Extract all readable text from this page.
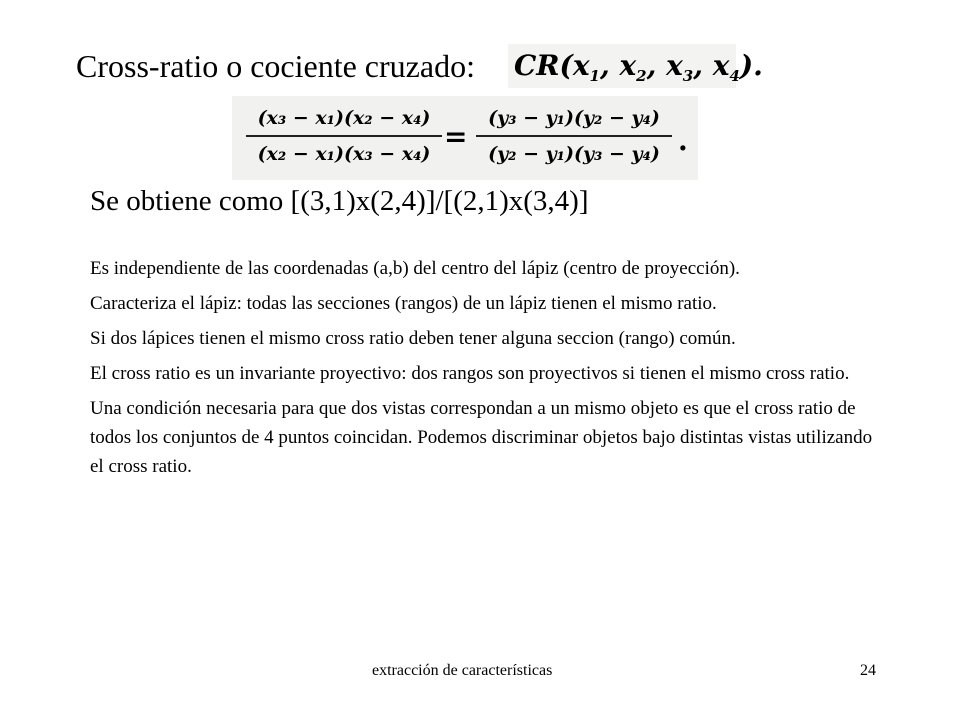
Cross-ratio o cociente cruzado: $CR(x_1$, $x_2$, $x_3$, $x_4$).
(x₃ − x₁)(x₂ − x₄)
(x₂ − x₁)(x₃ − x₄)
=
(y₃ − y₁)(y₂ − y₄)
(y₂ − y₁)(y₃ − y₄) .
Se obtiene como [(3,1)x(2,4)]/[(2,1)x(3,4)]

Es independiente de las coordenadas (a,b) del centro del lápiz (centro de proyección).

Caracteriza el lápiz: todas las secciones (rangos) de un lápiz tienen el mismo ratio.

Si dos lápices tienen el mismo cross ratio deben tener alguna seccion (rango) común.

El cross ratio es un invariante proyectivo: dos rangos son proyectivos si tienen el mismo cross ratio.

Una condición necesaria para que dos vistas correspondan a un mismo objeto es que el cross ratio de todos los conjuntos de 4 puntos coincidan. Podemos discriminar objetos bajo distintas vistas utilizando el cross ratio.

extracción de características	24
